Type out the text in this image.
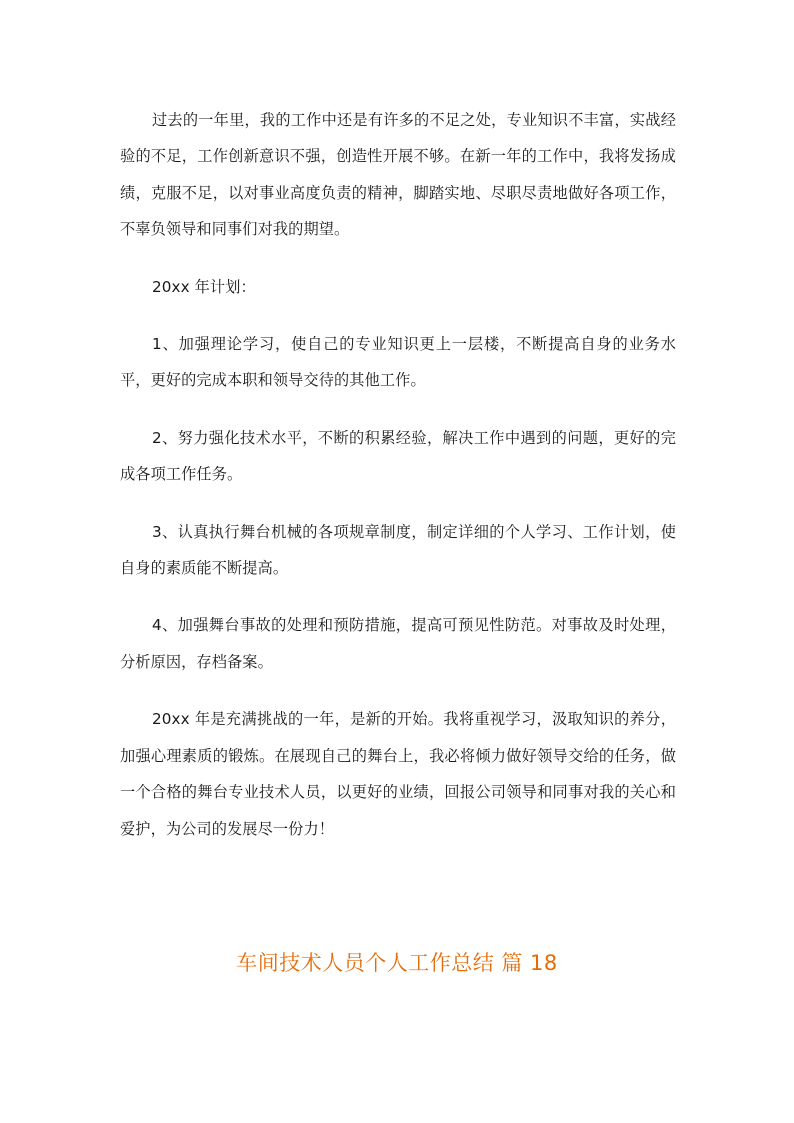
过去的一年里，我的工作中还是有许多的不足之处，专业知识不丰富，实战经验的不足，工作创新意识不强，创造性开展不够。在新一年的工作中，我将发扬成绩，克服不足，以对事业高度负责的精神，脚踏实地、尽职尽责地做好各项工作，不辜负领导和同事们对我的期望。

20xx 年计划：

1、加强理论学习，使自己的专业知识更上一层楼，不断提高自身的业务水平，更好的完成本职和领导交待的其他工作。

2、努力强化技术水平，不断的积累经验，解决工作中遇到的问题，更好的完成各项工作任务。

3、认真执行舞台机械的各项规章制度，制定详细的个人学习、工作计划，使自身的素质能不断提高。

4、加强舞台事故的处理和预防措施，提高可预见性防范。对事故及时处理，分析原因，存档备案。

20xx 年是充满挑战的一年，是新的开始。我将重视学习，汲取知识的养分，加强心理素质的锻炼。在展现自己的舞台上，我必将倾力做好领导交给的任务，做一个合格的舞台专业技术人员，以更好的业绩，回报公司领导和同事对我的关心和爱护，为公司的发展尽一份力！

车间技术人员个人工作总结 篇 18
